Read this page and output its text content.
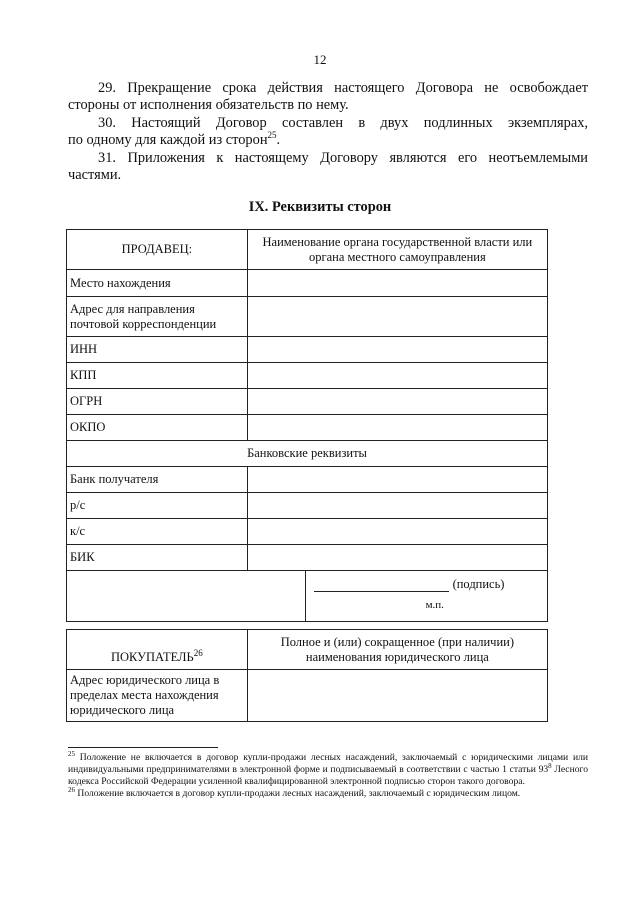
12
29. Прекращение срока действия настоящего Договора не освобождает
стороны от исполнения обязательств по нему.
30. Настоящий Договор составлен в двух подлинных экземплярах,
по одному для каждой из сторон$^{25}$.
31. Приложения к настоящему Договору являются его неотъемлемыми
частями.
IX. Реквизиты сторон
ПРОДАВЕЦ:	Наименование органа государственной власти или органа местного самоуправления	
Место нахождения		
Адрес для направления почтовой корреспонденции		
ИНН		
КПП		
ОГРН		
ОКПО		
Банковские реквизиты		
Банк получателя		
р/с		
к/с		
БИК		

		(подпись)
м.п.
ПОКУПАТЕЛЬ$^{26}$	Полное и (или) сокращенное (при наличии) наименования юридического лица
Адрес юридического лица в пределах места нахождения юридического лица	

$^{25}$ Положение не включается в договор купли-продажи лесных насаждений, заключаемый с юридическими лицами или индивидуальными предпринимателями в электронной форме и подписываемый в соответствии с частью 1 статьи $93^8$ Лесного кодекса Российской Федерации усиленной квалифицированной электронной подписью сторон такого договора.

$^{26}$ Положение включается в договор купли-продажи лесных насаждений, заключаемый с юридическим лицом.
